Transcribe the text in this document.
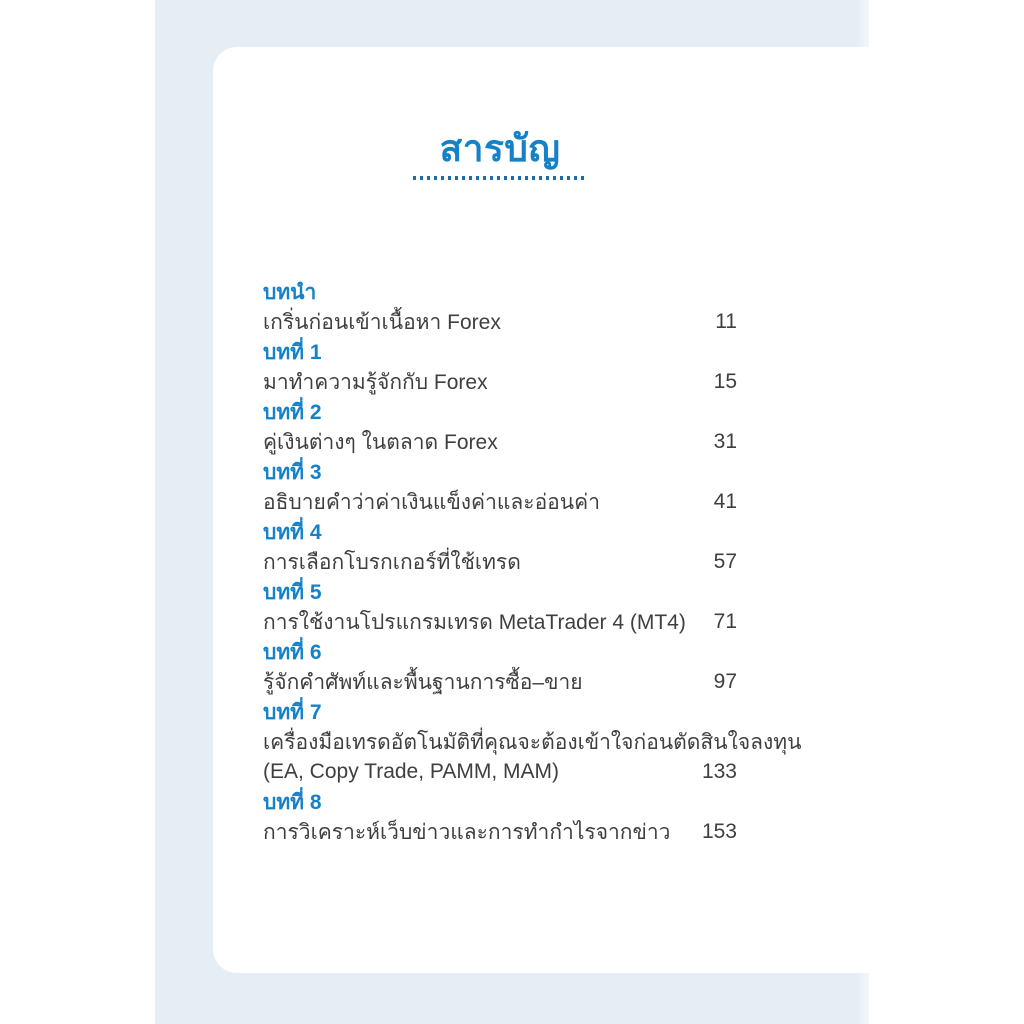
สารบัญ
บทนำ
เกริ่นก่อนเข้าเนื้อหา Forex	11
บทที่ 1
มาทำความรู้จักกับ Forex	15
บทที่ 2
คู่เงินต่างๆ ในตลาด Forex	31
บทที่ 3
อธิบายคำว่าค่าเงินแข็งค่าและอ่อนค่า	41
บทที่ 4
การเลือกโบรกเกอร์ที่ใช้เทรด	57
บทที่ 5
การใช้งานโปรแกรมเทรด MetaTrader 4 (MT4)	71
บทที่ 6
รู้จักคำศัพท์และพื้นฐานการซื้อ–ขาย	97
บทที่ 7
เครื่องมือเทรดอัตโนมัติที่คุณจะต้องเข้าใจก่อนตัดสินใจลงทุน
(EA, Copy Trade, PAMM, MAM)	133
บทที่ 8
การวิเคราะห์เว็บข่าวและการทำกำไรจากข่าว	153
